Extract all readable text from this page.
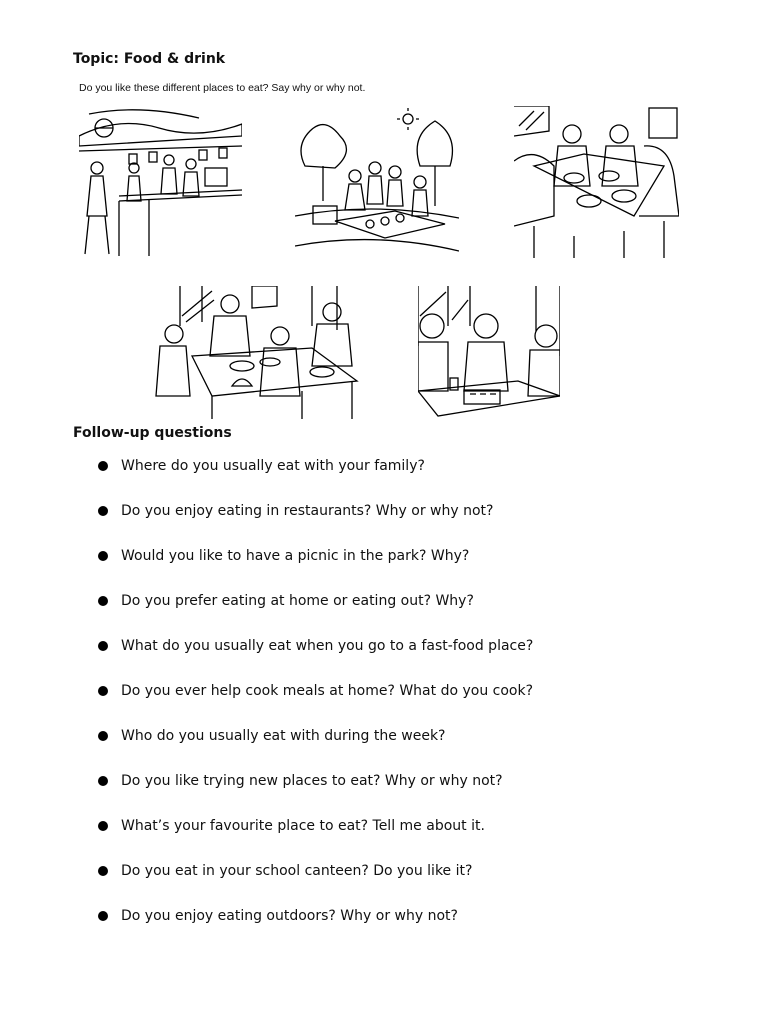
Topic: Food & drink

Do you like these different places to eat? Say why or why not.

Follow-up questions
Where do you usually eat with your family?
Do you enjoy eating in restaurants? Why or why not?
Would you like to have a picnic in the park? Why?
Do you prefer eating at home or eating out? Why?
What do you usually eat when you go to a fast-food place?
Do you ever help cook meals at home? What do you cook?
Who do you usually eat with during the week?
Do you like trying new places to eat? Why or why not?
What’s your favourite place to eat? Tell me about it.
Do you eat in your school canteen? Do you like it?
Do you enjoy eating outdoors? Why or why not?
